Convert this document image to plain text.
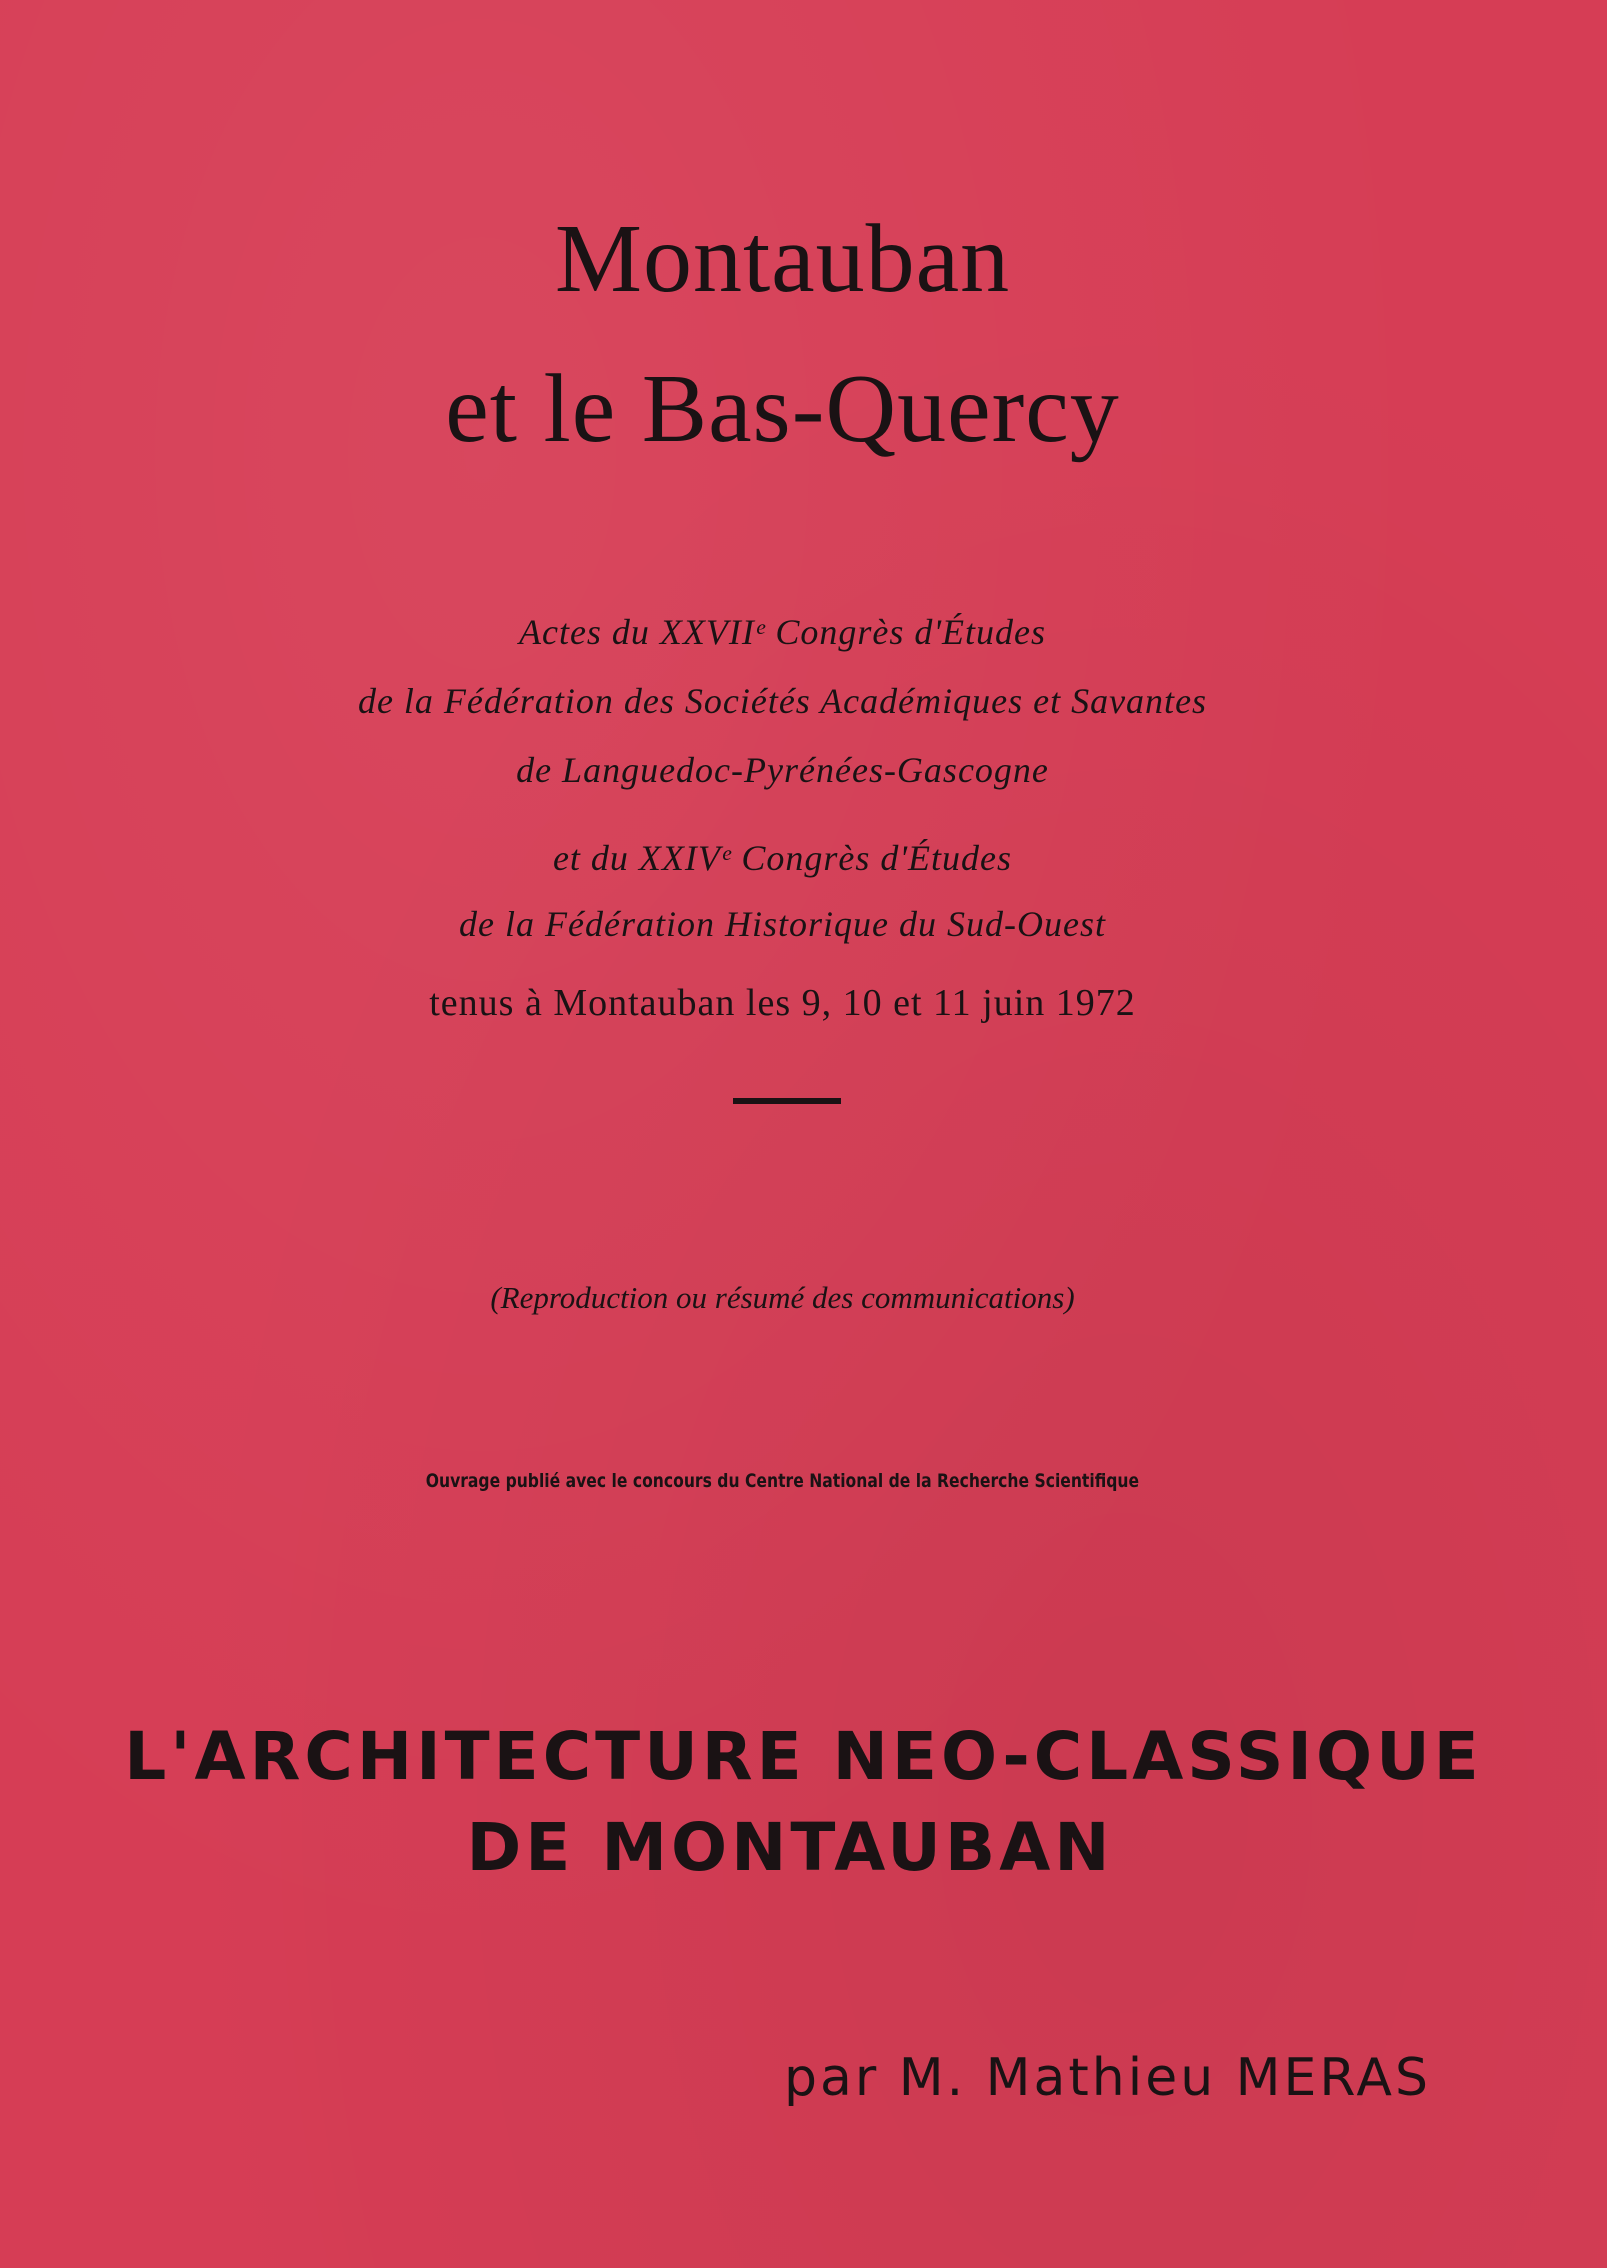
Montauban
et le Bas-Quercy
Actes du XXVIIᵉ Congrès d'Études
de la Fédération des Sociétés Académiques et Savantes
de Languedoc-Pyrénées-Gascogne
et du XXIVᵉ Congrès d'Études
de la Fédération Historique du Sud-Ouest
tenus à Montauban les 9, 10 et 11 juin 1972
(Reproduction ou résumé des communications)
Ouvrage publié avec le concours du Centre National de la Recherche Scientifique
L'ARCHITECTURE NEO-CLASSIQUE
DE MONTAUBAN
par M. Mathieu MERAS
